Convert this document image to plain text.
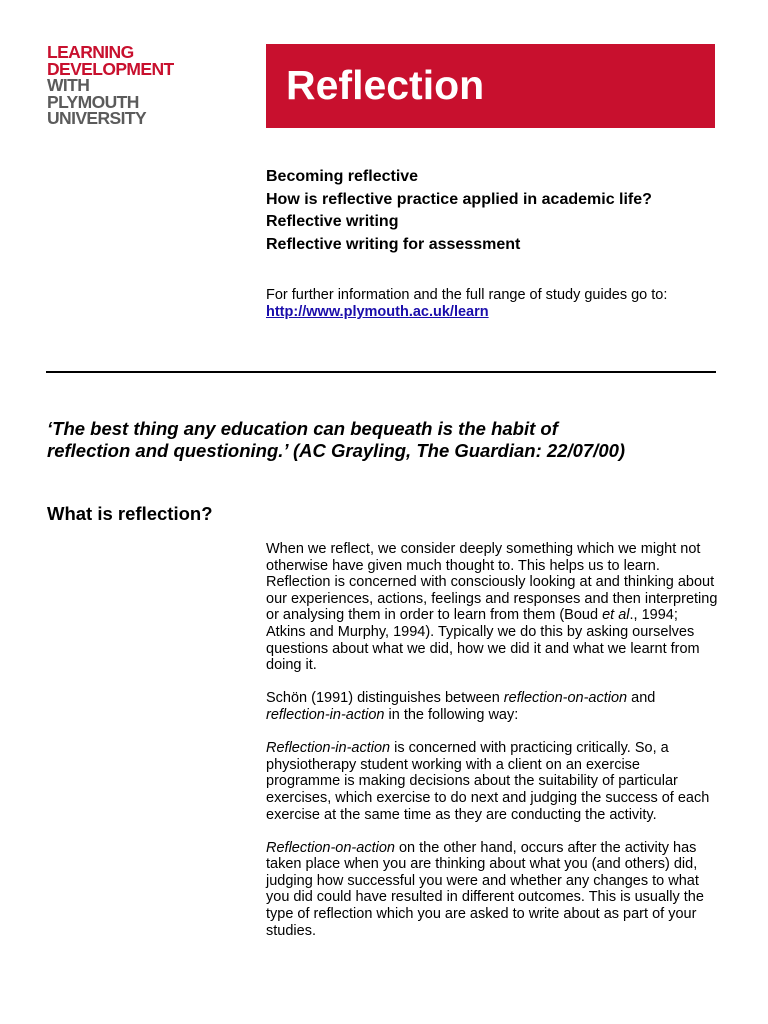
LEARNING
DEVELOPMENT
WITH
PLYMOUTH
UNIVERSITY
Reflection
Becoming reflective
How is reflective practice applied in academic life?
Reflective writing
Reflective writing for assessment
For further information and the full range of study guides go to:
http://www.plymouth.ac.uk/learn
‘The best thing any education can bequeath is the habit of
reflection and questioning.’ (AC Grayling, The Guardian: 22/07/00)
What is reflection?

When we reflect, we consider deeply something which we might not otherwise have given much thought to. This helps us to learn. Reflection is concerned with consciously looking at and thinking about our experiences, actions, feelings and responses and then interpreting or analysing them in order to learn from them (Boud et al., 1994; Atkins and Murphy, 1994). Typically we do this by asking ourselves questions about what we did, how we did it and what we learnt from doing it.

Schön (1991) distinguishes between reflection-on-action and reflection-in-action in the following way:

Reflection-in-action is concerned with practicing critically. So, a physiotherapy student working with a client on an exercise programme is making decisions about the suitability of particular exercises, which exercise to do next and judging the success of each exercise at the same time as they are conducting the activity.

Reflection-on-action on the other hand, occurs after the activity has taken place when you are thinking about what you (and others) did, judging how successful you were and whether any changes to what you did could have resulted in different outcomes. This is usually the type of reflection which you are asked to write about as part of your studies.
